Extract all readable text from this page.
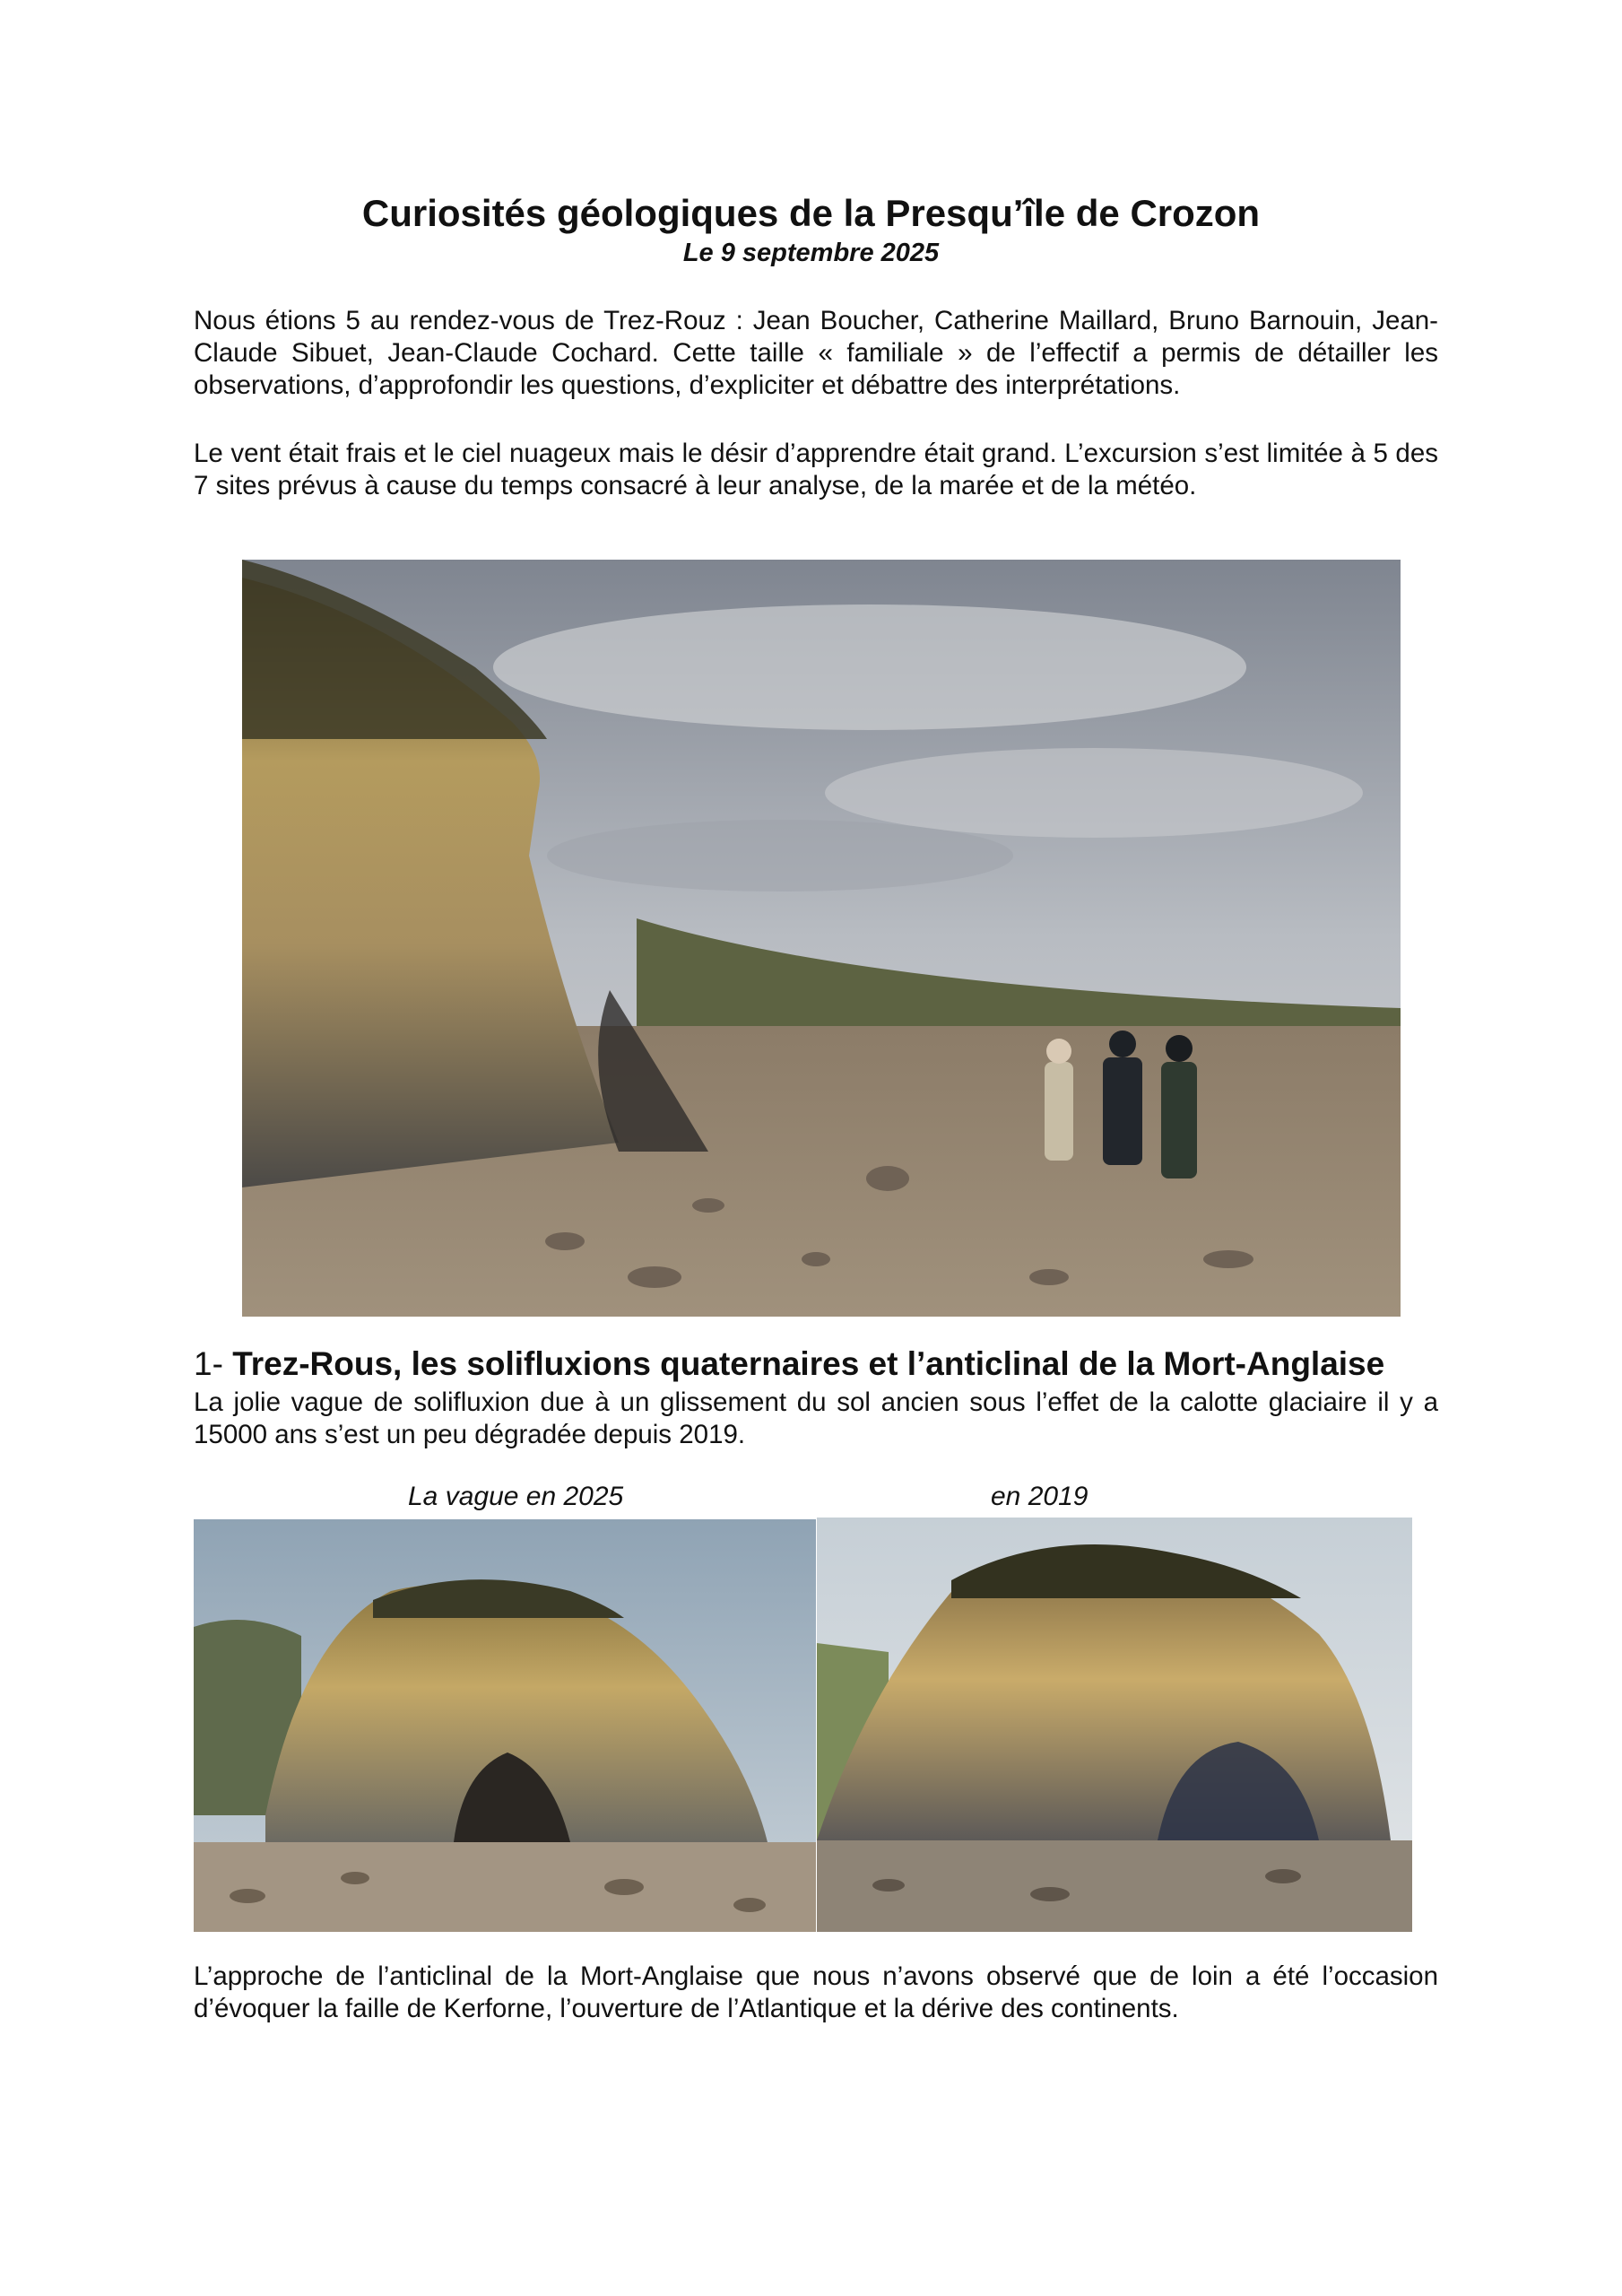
Curiosités géologiques de la Presqu’île de Crozon

Le 9 septembre 2025

Nous étions 5 au rendez-vous de Trez-Rouz : Jean Boucher, Catherine Maillard, Bruno Barnouin, Jean-Claude Sibuet, Jean-Claude Cochard. Cette taille « familiale » de l’effectif a permis de détailler les observations, d’approfondir les questions, d’expliciter et débattre des interprétations.

Le vent était frais et le ciel nuageux mais le désir d’apprendre était grand. L’excursion s’est limitée à 5 des 7 sites prévus à cause du temps consacré à leur analyse, de la marée et de la météo.

1- Trez-Rous, les solifluxions quaternaires et l’anticlinal de la Mort-Anglaise

La jolie vague de solifluxion due à un glissement du sol ancien sous l’effet de la calotte glaciaire il y a 15000 ans s’est un peu dégradée depuis 2019.

La vague en 2025	en 2019

L’approche de l’anticlinal de la Mort-Anglaise que nous n’avons observé que de loin a été l’occasion d’évoquer la faille de Kerforne, l’ouverture de l’Atlantique et la dérive des continents.
